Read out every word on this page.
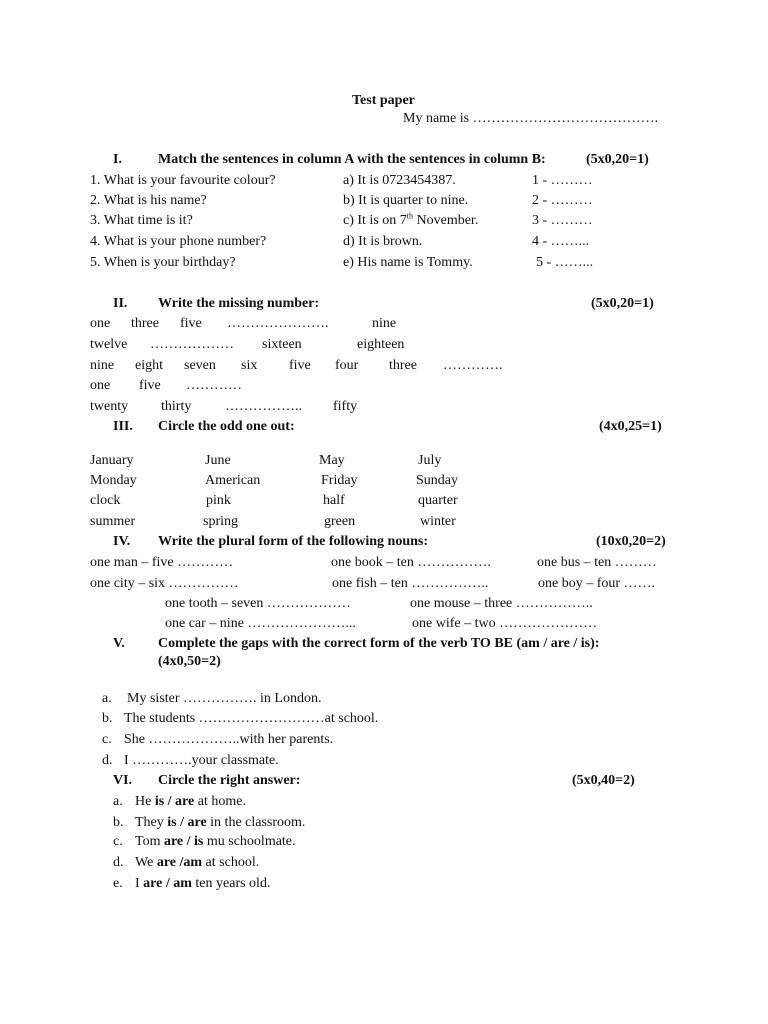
Test paper
My name is ………………………………….
I.	Match the sentences in column A with the sentences in column B:	(5x0,20=1)
1. What is your favourite colour?	a) It is 0723454387.	1 - ………
2. What is his name?	b) It is quarter to nine.	2 - ………
3. What time is it?	c) It is on 7th November.	3 - ………
4. What is your phone number?	d) It is brown.	4 - ……...
5. When is your birthday?	e) His name is Tommy.	5 - ……...
II. Write the missing number:	(5x0,20=1)
one three five ………………….	nine
twelve ……………… sixteen	eighteen
nine eight seven six five four three ………….
one five …………
twenty thirty …………….. fifty
III. Circle the odd one out:	(4x0,25=1)
January	June	May	July
Monday	American	Friday	Sunday
clock	pink	half	quarter
summer	spring	green	winter
IV. Write the plural form of the following nouns:	(10x0,20=2)
one man – five …………	one book – ten …………….	one bus – ten ………
one city – six ……………	one fish – ten ……………..	one boy – four …….
one tooth – seven ………………	one mouse – three ……………..
one car – nine …………………...	one wife – two …………………
V. Complete the gaps with the correct form of the verb TO BE (am / are / is):
(4x0,50=2)
a. My sister ……………. in London.
b. The students ………………………at school.
c. She ………………..with her parents.
d. I ………….your classmate.
VI. Circle the right answer:	(5x0,40=2)
a. He is / are at home.
b. They is / are in the classroom.
c. Tom are / is mu schoolmate.
d. We are /am at school.
e. I are / am ten years old.
